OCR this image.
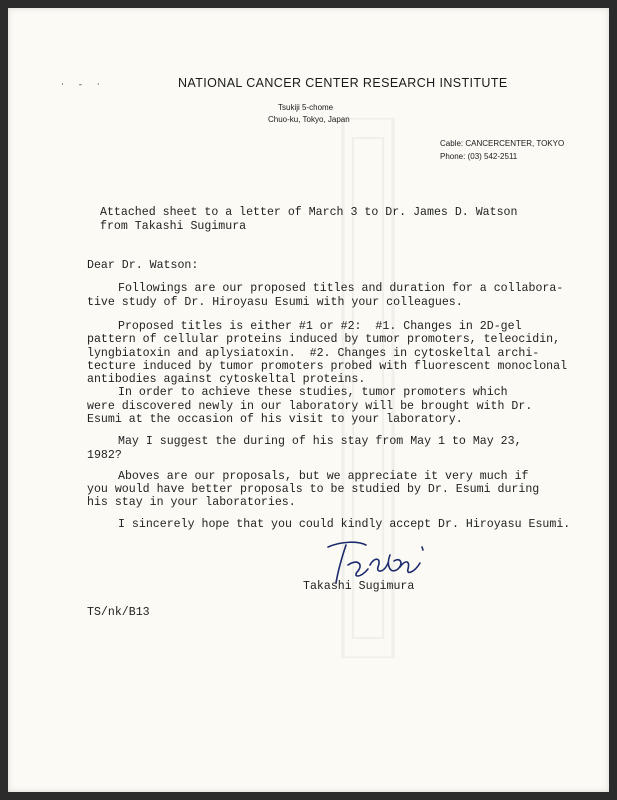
· - ·	NATIONAL CANCER CENTER RESEARCH INSTITUTE
Tsukiji 5-chome
Chuo-ku, Tokyo, Japan
Cable: CANCERCENTER, TOKYO
Phone: (03) 542-2511
Attached sheet to a letter of March 3 to Dr. James D. Watson
from Takashi Sugimura
Dear Dr. Watson:
Followings are our proposed titles and duration for a collabora-
tive study of Dr. Hiroyasu Esumi with your colleagues.
Proposed titles is either #1 or #2:  #1. Changes in 2D-gel
pattern of cellular proteins induced by tumor promoters, teleocidin,
lyngbiatoxin and aplysiatoxin.  #2. Changes in cytoskeltal archi-
tecture induced by tumor promoters probed with fluorescent monoclonal
antibodies against cytoskeltal proteins.
In order to achieve these studies, tumor promoters which
were discovered newly in our laboratory will be brought with Dr.
Esumi at the occasion of his visit to your laboratory.
May I suggest the during of his stay from May 1 to May 23,
1982?
Aboves are our proposals, but we appreciate it very much if
you would have better proposals to be studied by Dr. Esumi during
his stay in your laboratories.
I sincerely hope that you could kindly accept Dr. Hiroyasu Esumi.
Takashi Sugimura
TS/nk/B13
